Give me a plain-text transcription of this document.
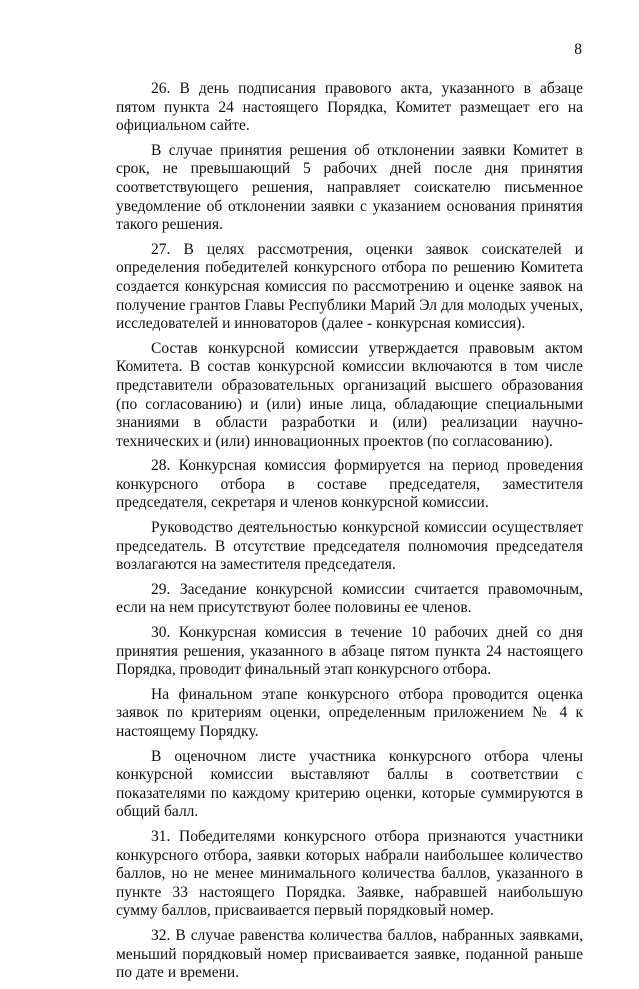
8

26. В день подписания правового акта, указанного в абзаце пятом пункта 24 настоящего Порядка, Комитет размещает его на официальном сайте.

В случае принятия решения об отклонении заявки Комитет в срок, не превышающий 5 рабочих дней после дня принятия соответствующего решения, направляет соискателю письменное уведомление об отклонении заявки с указанием основания принятия такого решения.

27. В целях рассмотрения, оценки заявок соискателей и определения победителей конкурсного отбора по решению Комитета создается конкурсная комиссия по рассмотрению и оценке заявок на получение грантов Главы Республики Марий Эл для молодых ученых, исследователей и инноваторов (далее - конкурсная комиссия).

Состав конкурсной комиссии утверждается правовым актом Комитета. В состав конкурсной комиссии включаются в том числе представители образовательных организаций высшего образования (по согласованию) и (или) иные лица, обладающие специальными знаниями в области разработки и (или) реализации научно-технических и (или) инновационных проектов (по согласованию).

28. Конкурсная комиссия формируется на период проведения конкурсного отбора в составе председателя, заместителя председателя, секретаря и членов конкурсной комиссии.

Руководство деятельностью конкурсной комиссии осуществляет председатель. В отсутствие председателя полномочия председателя возлагаются на заместителя председателя.

29. Заседание конкурсной комиссии считается правомочным, если на нем присутствуют более половины ее членов.

30. Конкурсная комиссия в течение 10 рабочих дней со дня принятия решения, указанного в абзаце пятом пункта 24 настоящего Порядка, проводит финальный этап конкурсного отбора.

На финальном этапе конкурсного отбора проводится оценка заявок по критериям оценки, определенным приложением № 4 к настоящему Порядку.

В оценочном листе участника конкурсного отбора члены конкурсной комиссии выставляют баллы в соответствии с показателями по каждому критерию оценки, которые суммируются в общий балл.

31. Победителями конкурсного отбора признаются участники конкурсного отбора, заявки которых набрали наибольшее количество баллов, но не менее минимального количества баллов, указанного в пункте 33 настоящего Порядка. Заявке, набравшей наибольшую сумму баллов, присваивается первый порядковый номер.

32. В случае равенства количества баллов, набранных заявками, меньший порядковый номер присваивается заявке, поданной раньше по дате и времени.
